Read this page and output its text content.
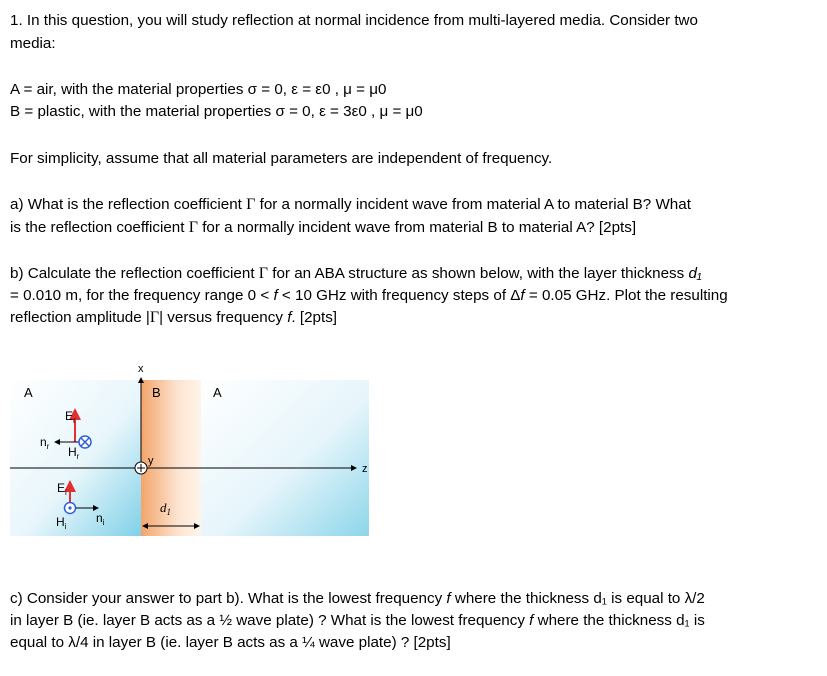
1. In this question, you will study reflection at normal incidence from multi-layered media. Consider two
media:
A = air, with the material properties σ = 0, ε = ε0 , μ = μ0
B = plastic, with the material properties σ = 0, ε = 3ε0 , μ = μ0
For simplicity, assume that all material parameters are independent of frequency.
a) What is the reflection coefficient Γ for a normally incident wave from material A to material B? What
is the reflection coefficient Γ for a normally incident wave from material B to material A? [2pts]
b) Calculate the reflection coefficient Γ for an ABA structure as shown below, with the layer thickness d₁
= 0.010 m, for the frequency range 0 < f < 10 GHz with frequency steps of Δf = 0.05 GHz. Plot the resulting
reflection amplitude |Γ| versus frequency f. [2pts]
x
z
y
A	B	A
$E_r$
$n_r$ $H_r$
$E_i$
$H_i$
$n_i$
$d_1$
c) Consider your answer to part b). What is the lowest frequency f where the thickness d₁ is equal to λ/2
in layer B (ie. layer B acts as a ½ wave plate) ? What is the lowest frequency f where the thickness d₁ is
equal to λ/4 in layer B (ie. layer B acts as a ¼ wave plate) ? [2pts]
